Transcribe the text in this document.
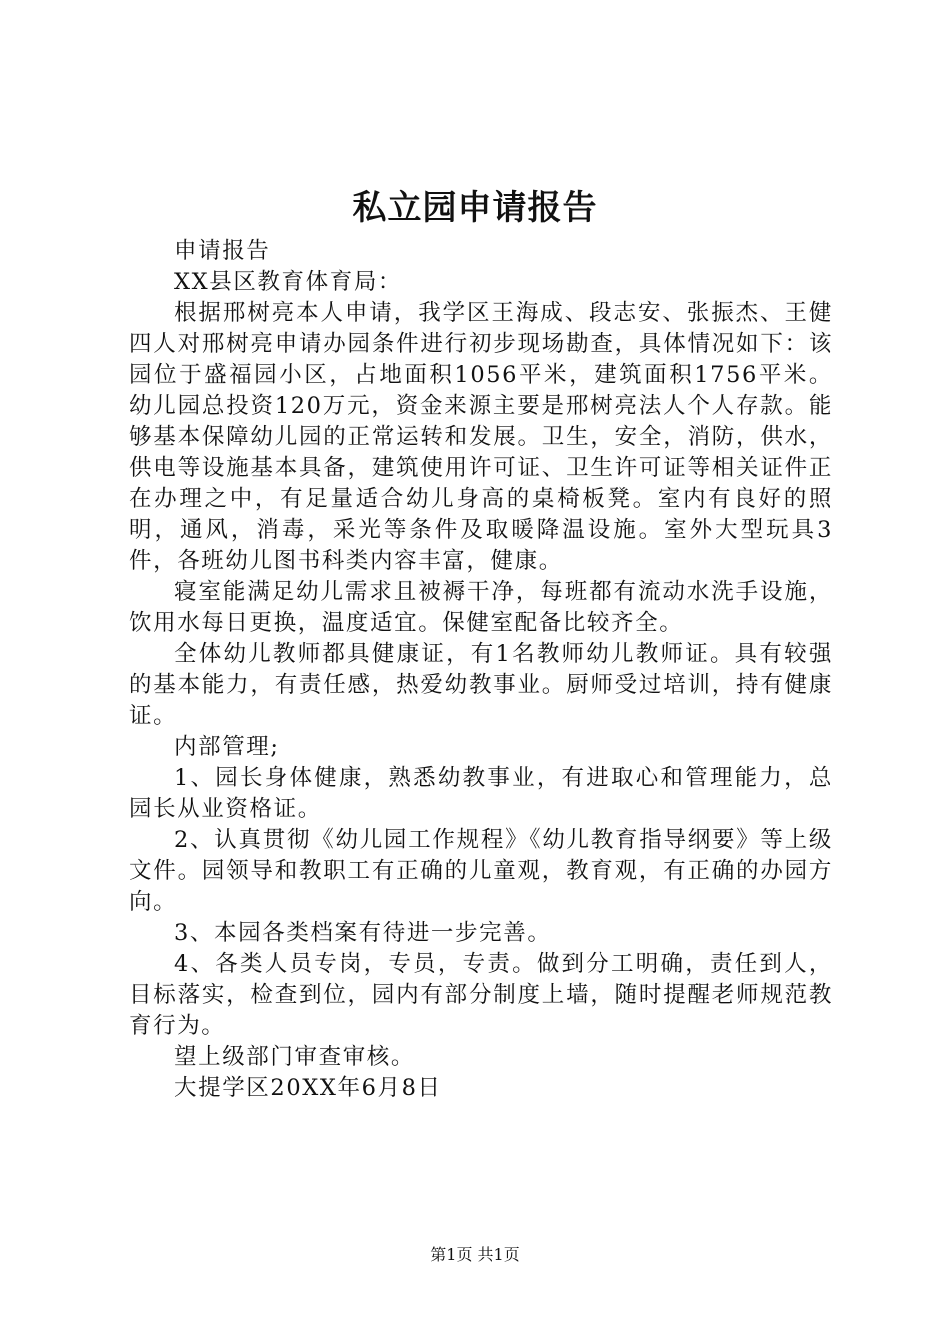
私立园申请报告

申请报告

XX县区教育体育局：

根据邢树亮本人申请，我学区王海成、段志安、张振杰、王健四人对邢树亮申请办园条件进行初步现场勘查，具体情况如下：该园位于盛福园小区，占地面积1056平米，建筑面积1756平米。幼儿园总投资120万元，资金来源主要是邢树亮法人个人存款。能够基本保障幼儿园的正常运转和发展。卫生，安全，消防，供水，供电等设施基本具备，建筑使用许可证、卫生许可证等相关证件正在办理之中，有足量适合幼儿身高的桌椅板凳。室内有良好的照明，通风，消毒，采光等条件及取暖降温设施。室外大型玩具3件，各班幼儿图书科类内容丰富，健康。

寝室能满足幼儿需求且被褥干净，每班都有流动水洗手设施，饮用水每日更换，温度适宜。保健室配备比较齐全。

全体幼儿教师都具健康证，有1名教师幼儿教师证。具有较强的基本能力，有责任感，热爱幼教事业。厨师受过培训，持有健康证。

内部管理;

1、园长身体健康，熟悉幼教事业，有进取心和管理能力，总园长从业资格证。

2、认真贯彻《幼儿园工作规程》《幼儿教育指导纲要》等上级文件。园领导和教职工有正确的儿童观，教育观，有正确的办园方向。

3、本园各类档案有待进一步完善。

4、各类人员专岗，专员，专责。做到分工明确，责任到人，目标落实，检查到位，园内有部分制度上墙，随时提醒老师规范教育行为。

望上级部门审查审核。

大提学区20XX年6月8日

第1页 共1页
